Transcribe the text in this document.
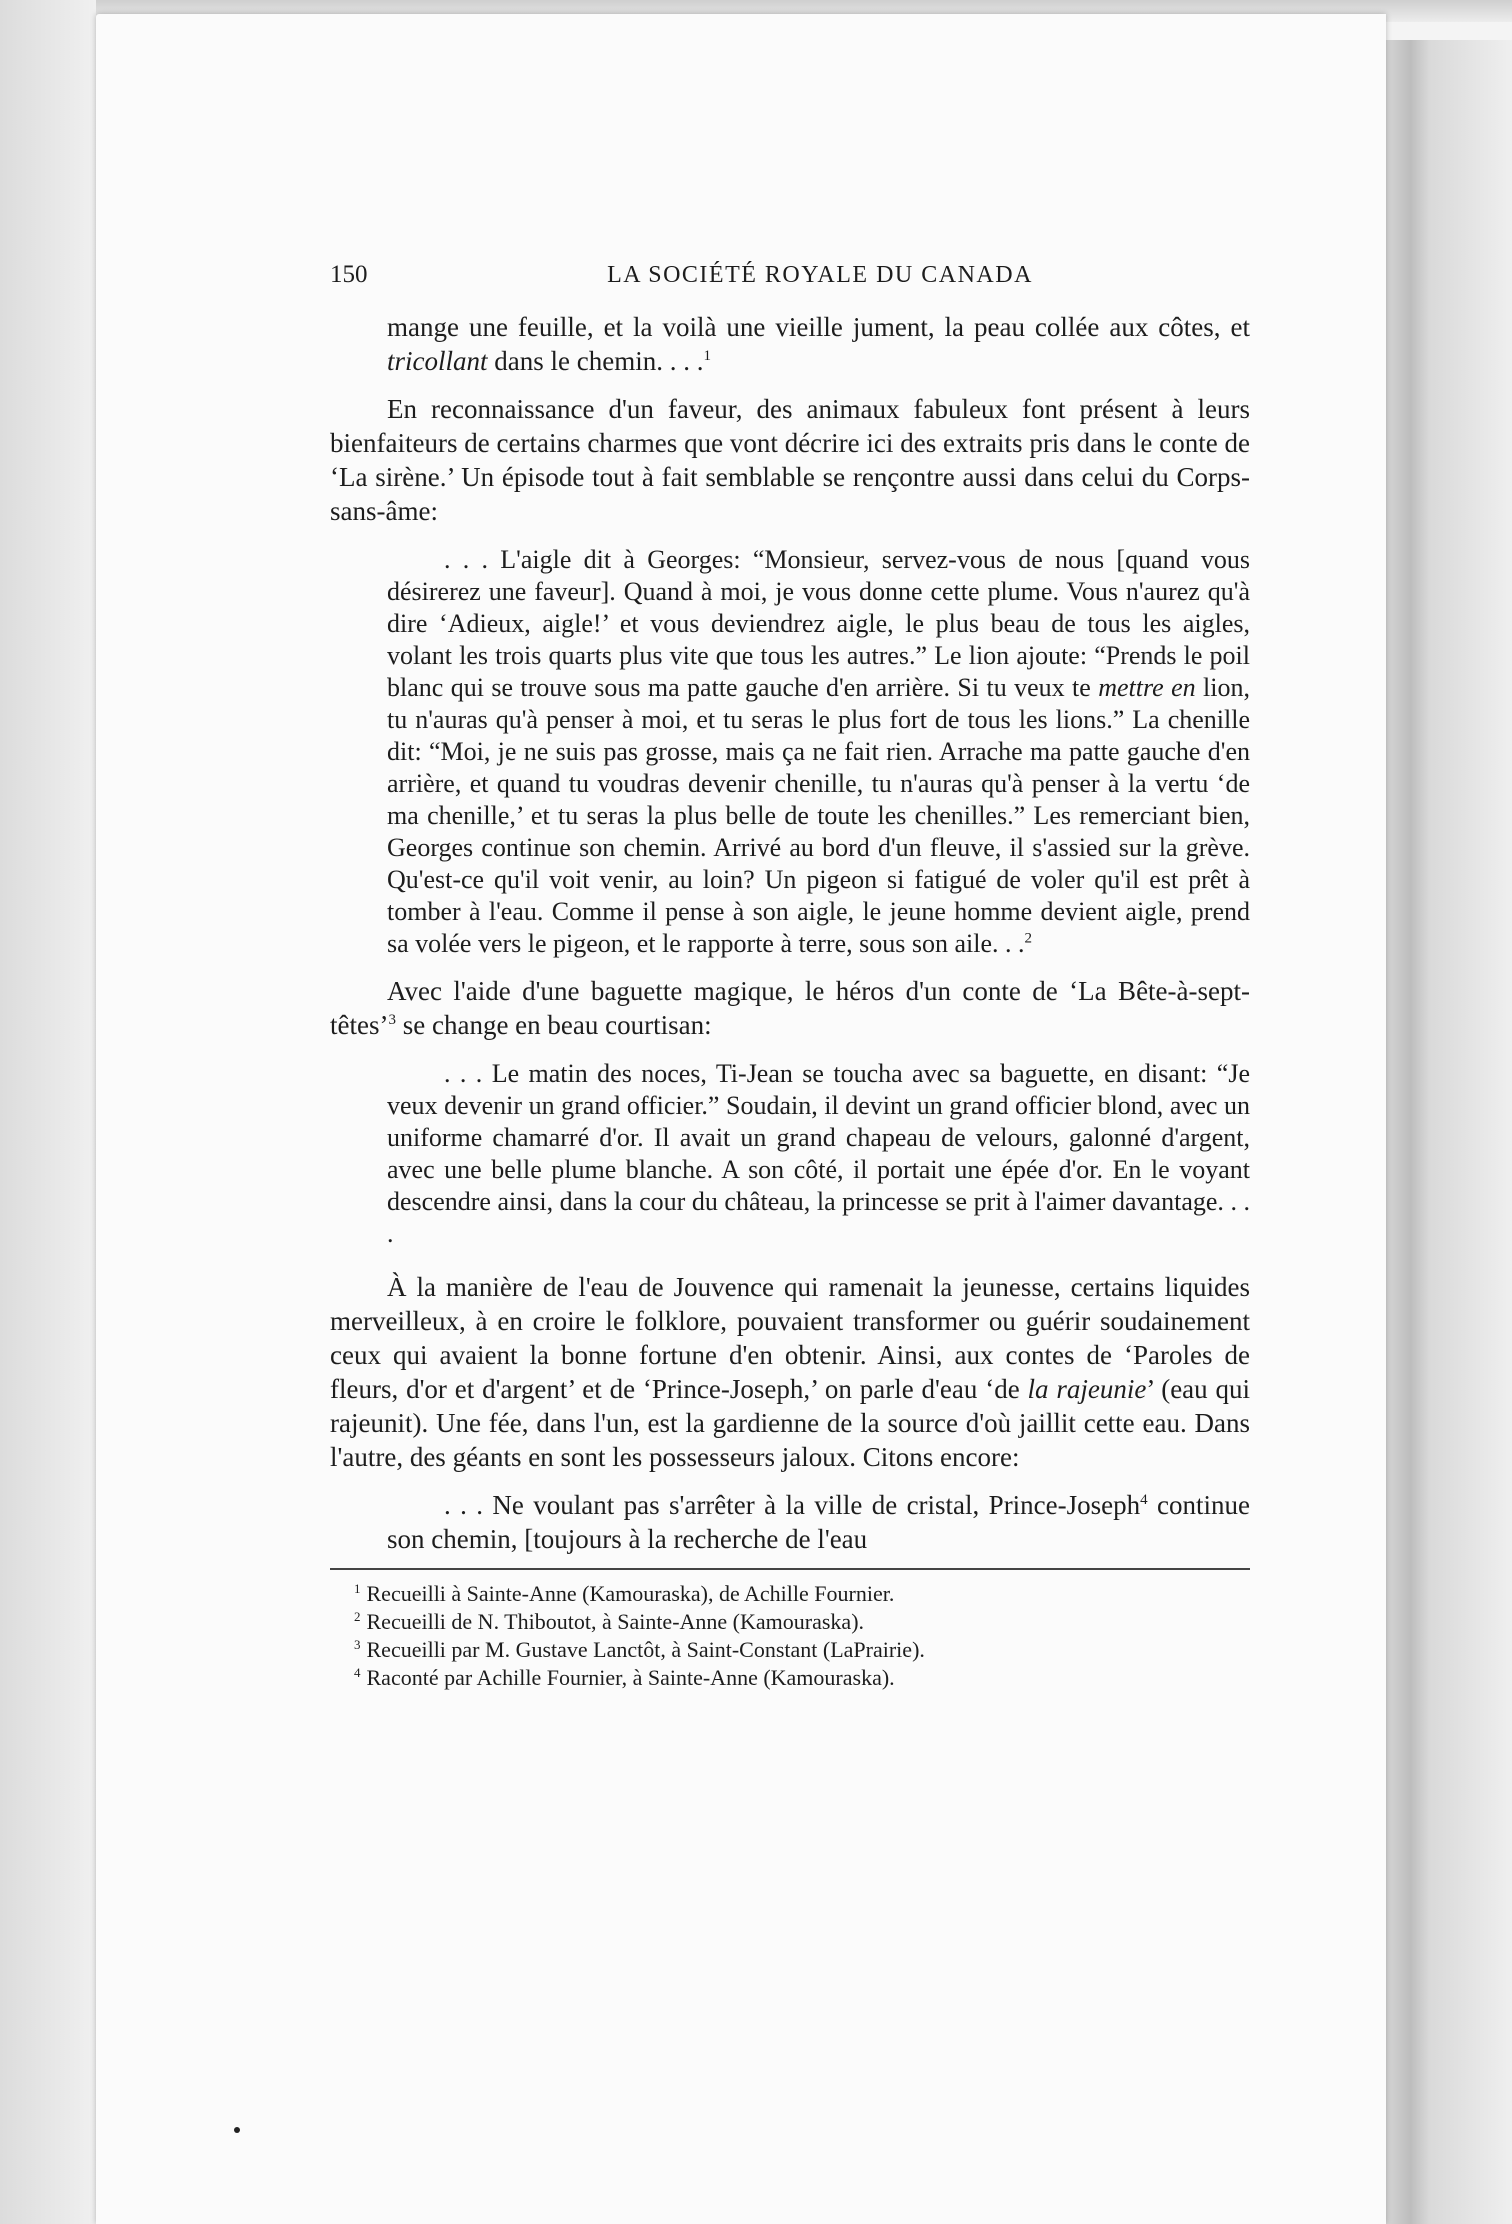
150	LA SOCIÉTÉ ROYALE DU CANADA

mange une feuille, et la voilà une vieille jument, la peau collée aux côtes, et tricollant dans le chemin. . . .$^1$

En reconnaissance d'un faveur, des animaux fabuleux font présent à leurs bienfaiteurs de certains charmes que vont décrire ici des extraits pris dans le conte de ‘La sirène.’ Un épisode tout à fait semblable se rençontre aussi dans celui du Corps-sans-âme:

. . . L'aigle dit à Georges: “Monsieur, servez-vous de nous [quand vous désirerez une faveur]. Quand à moi, je vous donne cette plume. Vous n'aurez qu'à dire ‘Adieux, aigle!’ et vous deviendrez aigle, le plus beau de tous les aigles, volant les trois quarts plus vite que tous les autres.” Le lion ajoute: “Prends le poil blanc qui se trouve sous ma patte gauche d'en arrière. Si tu veux te mettre en lion, tu n'auras qu'à penser à moi, et tu seras le plus fort de tous les lions.” La chenille dit: “Moi, je ne suis pas grosse, mais ça ne fait rien. Arrache ma patte gauche d'en arrière, et quand tu voudras devenir chenille, tu n'auras qu'à penser à la vertu ‘de ma chenille,’ et tu seras la plus belle de toute les chenilles.” Les remerciant bien, Georges continue son chemin. Arrivé au bord d'un fleuve, il s'assied sur la grève. Qu'est-ce qu'il voit venir, au loin? Un pigeon si fatigué de voler qu'il est prêt à tomber à l'eau. Comme il pense à son aigle, le jeune homme devient aigle, prend sa volée vers le pigeon, et le rapporte à terre, sous son aile. . .$^2$

Avec l'aide d'une baguette magique, le héros d'un conte de ‘La Bête-à-sept-têtes’$^3$ se change en beau courtisan:

. . . Le matin des noces, Ti-Jean se toucha avec sa baguette, en disant: “Je veux devenir un grand officier.” Soudain, il devint un grand officier blond, avec un uniforme chamarré d'or. Il avait un grand chapeau de velours, galonné d'argent, avec une belle plume blanche. A son côté, il portait une épée d'or. En le voyant descendre ainsi, dans la cour du château, la princesse se prit à l'aimer davantage. . . .

À la manière de l'eau de Jouvence qui ramenait la jeunesse, certains liquides merveilleux, à en croire le folklore, pouvaient transformer ou guérir soudainement ceux qui avaient la bonne fortune d'en obtenir. Ainsi, aux contes de ‘Paroles de fleurs, d'or et d'argent’ et de ‘Prince-Joseph,’ on parle d'eau ‘de la rajeunie’ (eau qui rajeunit). Une fée, dans l'un, est la gardienne de la source d'où jaillit cette eau. Dans l'autre, des géants en sont les possesseurs jaloux. Citons encore:

. . . Ne voulant pas s'arrêter à la ville de cristal, Prince-Joseph$^4$ continue son chemin, [toujours à la recherche de l'eau

$^1$ Recueilli à Sainte-Anne (Kamouraska), de Achille Fournier.
$^2$ Recueilli de N. Thiboutot, à Sainte-Anne (Kamouraska).
$^3$ Recueilli par M. Gustave Lanctôt, à Saint-Constant (LaPrairie).
$^4$ Raconté par Achille Fournier, à Sainte-Anne (Kamouraska).
